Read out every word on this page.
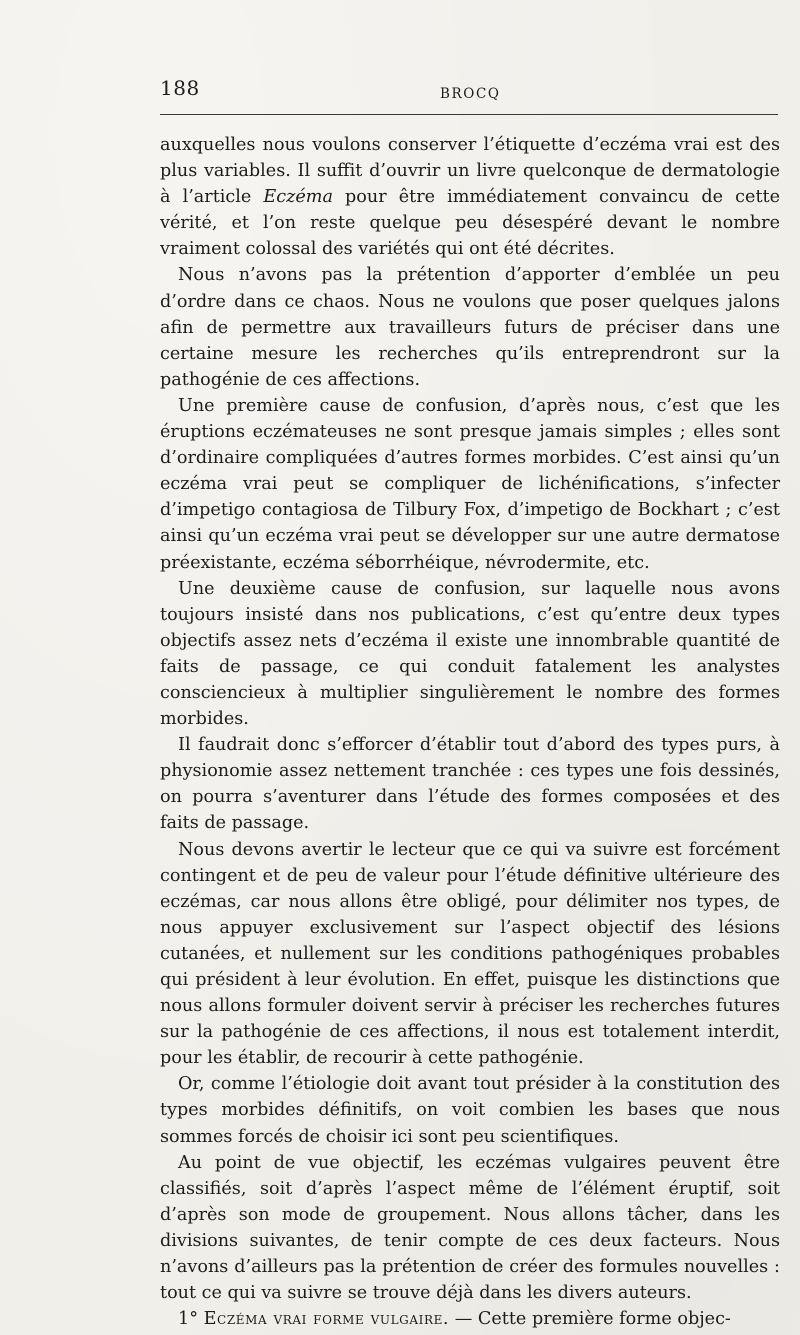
188	BROCQ

auxquelles nous voulons conserver l’étiquette d’eczéma vrai est des plus variables. Il suffit d’ouvrir un livre quelconque de dermatologie à l’article Eczéma pour être immédiatement convaincu de cette vérité, et l’on reste quelque peu désespéré devant le nombre vraiment colossal des variétés qui ont été décrites.

Nous n’avons pas la prétention d’apporter d’emblée un peu d’ordre dans ce chaos. Nous ne voulons que poser quelques jalons afin de permettre aux travailleurs futurs de préciser dans une certaine mesure les recherches qu’ils entreprendront sur la pathogénie de ces affections.

Une première cause de confusion, d’après nous, c’est que les éruptions eczémateuses ne sont presque jamais simples ; elles sont d’ordinaire compliquées d’autres formes morbides. C’est ainsi qu’un eczéma vrai peut se compliquer de lichénifications, s’infecter d’impetigo contagiosa de Tilbury Fox, d’impetigo de Bockhart ; c’est ainsi qu’un eczéma vrai peut se développer sur une autre dermatose préexistante, eczéma séborrhéique, névrodermite, etc.

Une deuxième cause de confusion, sur laquelle nous avons toujours insisté dans nos publications, c’est qu’entre deux types objectifs assez nets d’eczéma il existe une innombrable quantité de faits de passage, ce qui conduit fatalement les analystes consciencieux à multiplier singulièrement le nombre des formes morbides.

Il faudrait donc s’efforcer d’établir tout d’abord des types purs, à physionomie assez nettement tranchée : ces types une fois dessinés, on pourra s’aventurer dans l’étude des formes composées et des faits de passage.

Nous devons avertir le lecteur que ce qui va suivre est forcément contingent et de peu de valeur pour l’étude définitive ultérieure des eczémas, car nous allons être obligé, pour délimiter nos types, de nous appuyer exclusivement sur l’aspect objectif des lésions cutanées, et nullement sur les conditions pathogéniques probables qui président à leur évolution. En effet, puisque les distinctions que nous allons formuler doivent servir à préciser les recherches futures sur la pathogénie de ces affections, il nous est totalement interdit, pour les établir, de recourir à cette pathogénie.

Or, comme l’étiologie doit avant tout présider à la constitution des types morbides définitifs, on voit combien les bases que nous sommes forcés de choisir ici sont peu scientifiques.

Au point de vue objectif, les eczémas vulgaires peuvent être classifiés, soit d’après l’aspect même de l’élément éruptif, soit d’après son mode de groupement. Nous allons tâcher, dans les divisions suivantes, de tenir compte de ces deux facteurs. Nous n’avons d’ailleurs pas la prétention de créer des formules nouvelles : tout ce qui va suivre se trouve déjà dans les divers auteurs.

1° Eczéma vrai forme vulgaire. — Cette première forme objec-
